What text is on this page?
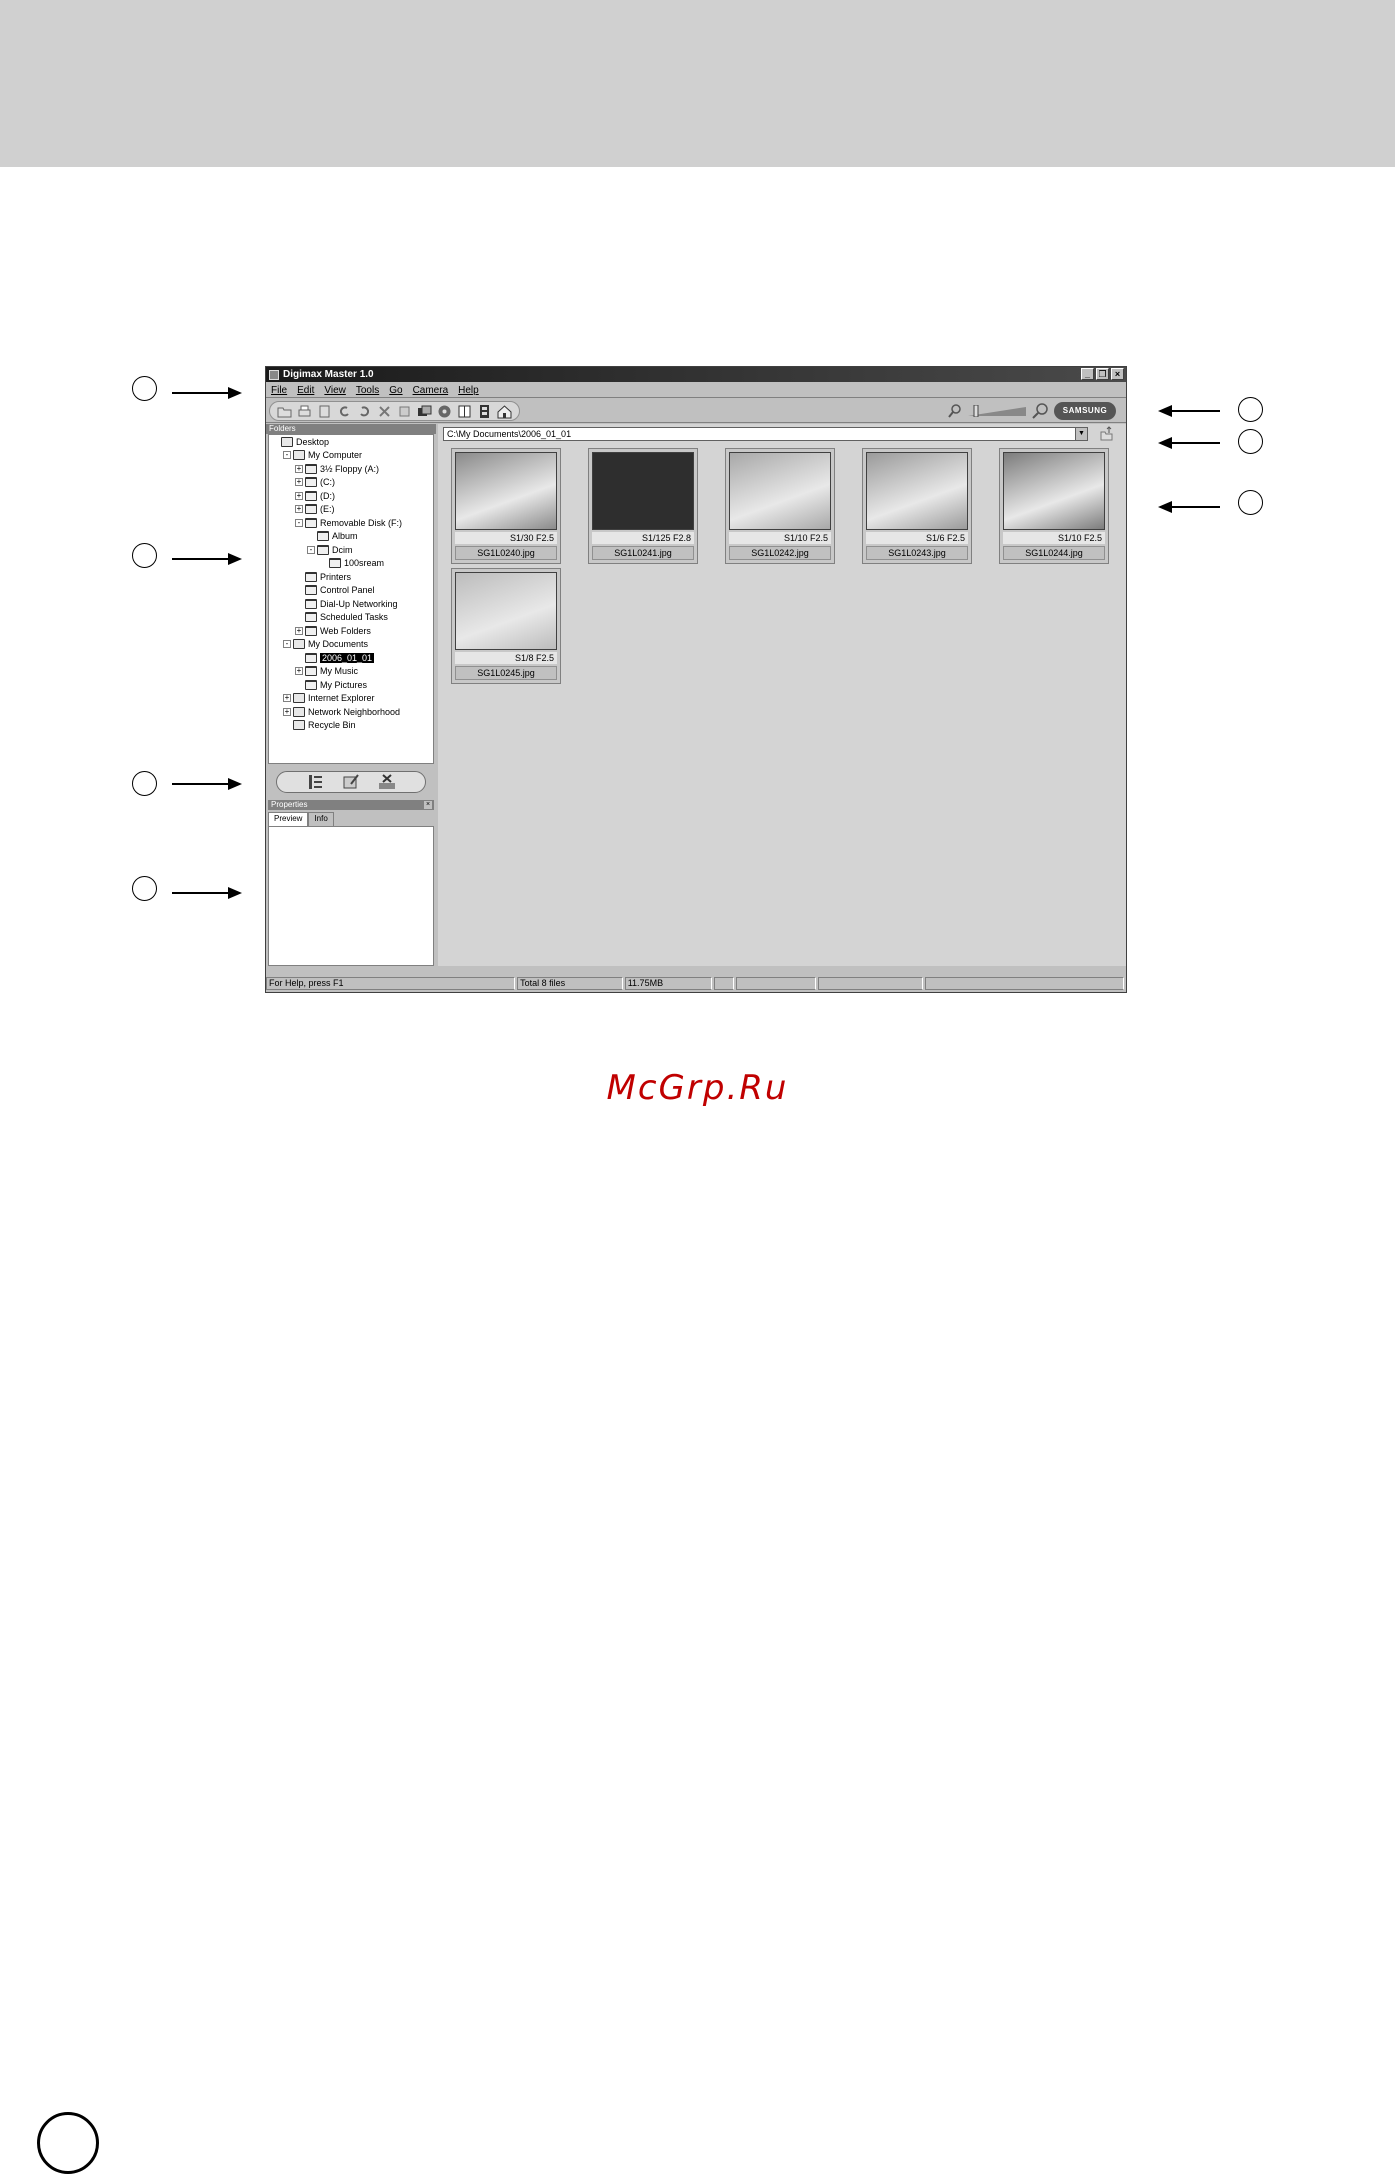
Digimax Master 1.0	_ ❐ ×
File Edit View Tools Go Camera Help
SAMSUNG
Folders
Desktop
- My Computer
+ 3½ Floppy (A:)
+ (C:)
+ (D:)
+ (E:)
- Removable Disk (F:)
Album
- Dcim
100sream
Printers
Control Panel
Dial-Up Networking
Scheduled Tasks
+ Web Folders
- My Documents
2006_01_01
+ My Music
My Pictures
+ Internet Explorer
+ Network Neighborhood
Recycle Bin
Properties	×
Preview	Info
C:\My Documents\2006_01_01	▼
S1/30 F2.5
SG1L0240.jpg
S1/125 F2.8
SG1L0241.jpg
S1/10 F2.5
SG1L0242.jpg
S1/6 F2.5
SG1L0243.jpg
S1/10 F2.5
SG1L0244.jpg
S1/8 F2.5
SG1L0245.jpg
For Help, press F1	Total 8 files	11.75MB
McGrp.Ru
